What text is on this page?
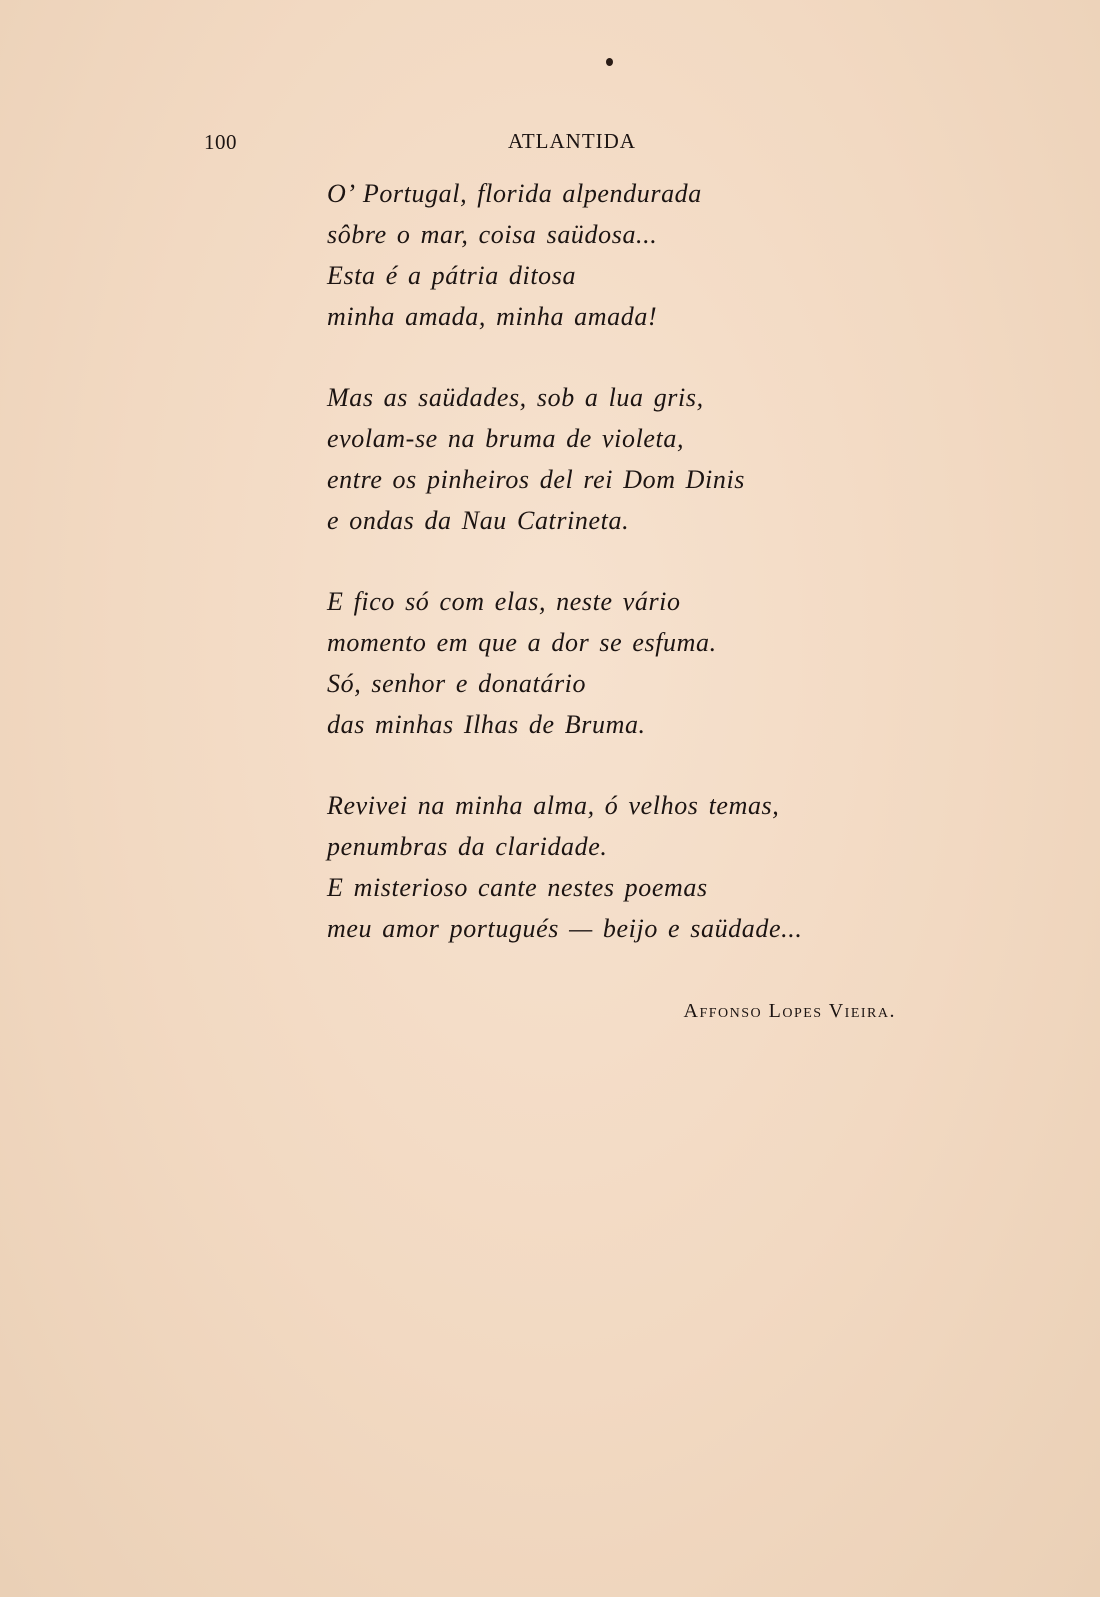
100	ATLANTIDA
O’ Portugal, florida alpendurada
sôbre o mar, coisa saüdosa...
Esta é a pátria ditosa
minha amada, minha amada!
Mas as saüdades, sob a lua gris,
evolam-se na bruma de violeta,
entre os pinheiros del rei Dom Dinis
e ondas da Nau Catrineta.
E fico só com elas, neste vário
momento em que a dor se esfuma.
Só, senhor e donatário
das minhas Ilhas de Bruma.
Revivei na minha alma, ó velhos temas,
penumbras da claridade.
E misterioso cante nestes poemas
meu amor portugués — beijo e saüdade...
Affonso Lopes Vieira.
